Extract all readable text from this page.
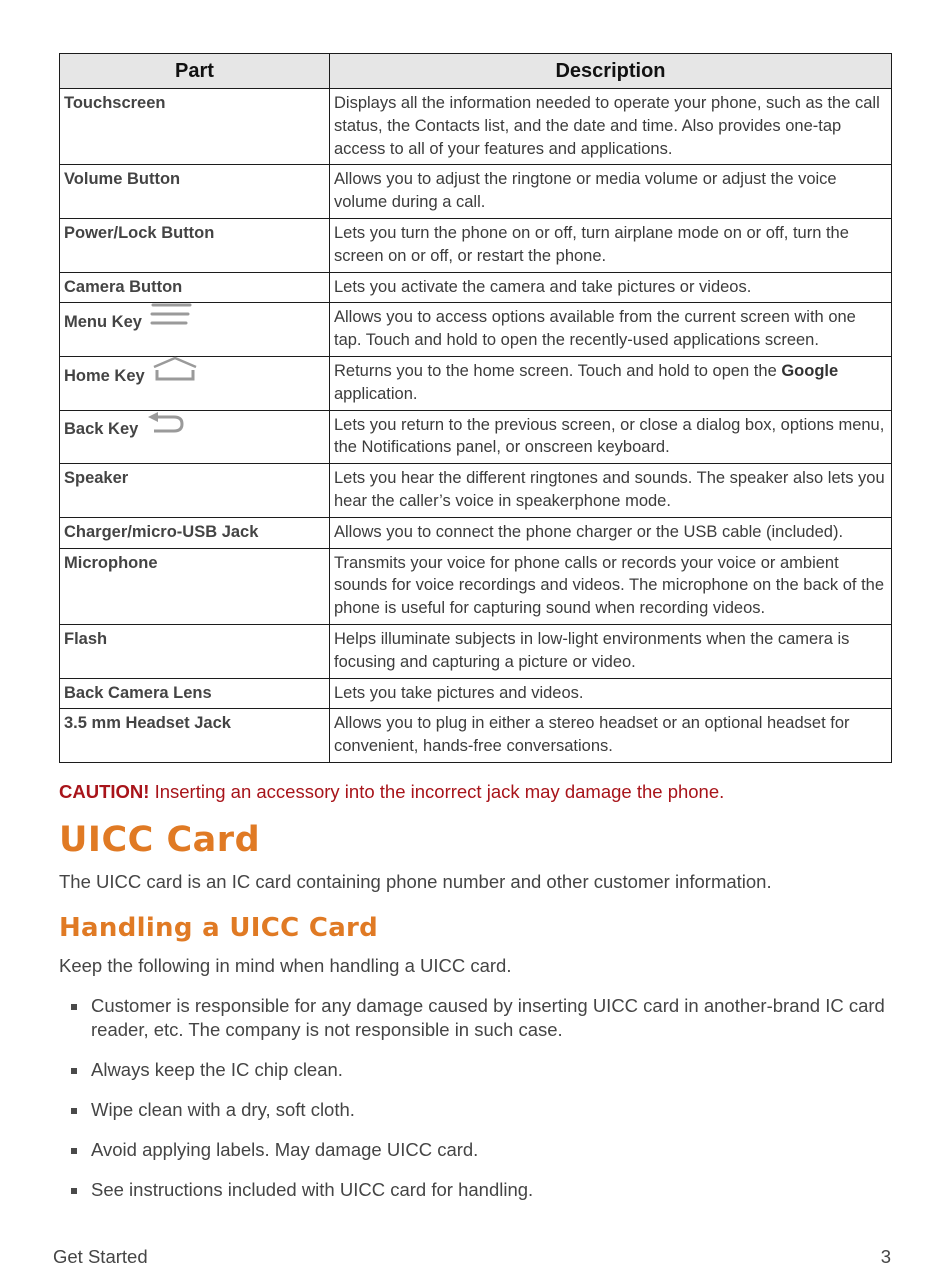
Part	Description
Touchscreen	Displays all the information needed to operate your phone, such as the call status, the Contacts list, and the date and time. Also provides one-tap access to all of your features and applications.
Volume Button	Allows you to adjust the ringtone or media volume or adjust the voice volume during a call.
Power/Lock Button	Lets you turn the phone on or off, turn airplane mode on or off, turn the screen on or off, or restart the phone.
Camera Button	Lets you activate the camera and take pictures or videos.
Menu Key	Allows you to access options available from the current screen with one tap. Touch and hold to open the recently-used applications screen.
Home Key	Returns you to the home screen. Touch and hold to open the Google application.
Back Key	Lets you return to the previous screen, or close a dialog box, options menu, the Notifications panel, or onscreen keyboard.
Speaker	Lets you hear the different ringtones and sounds. The speaker also lets you hear the caller’s voice in speakerphone mode.
Charger/micro-USB Jack	Allows you to connect the phone charger or the USB cable (included).
Microphone	Transmits your voice for phone calls or records your voice or ambient sounds for voice recordings and videos. The microphone on the back of the phone is useful for capturing sound when recording videos.
Flash	Helps illuminate subjects in low-light environments when the camera is focusing and capturing a picture or video.
Back Camera Lens	Lets you take pictures and videos.
3.5 mm Headset Jack	Allows you to plug in either a stereo headset or an optional headset for convenient, hands-free conversations.
CAUTION! Inserting an accessory into the incorrect jack may damage the phone.
UICC Card

The UICC card is an IC card containing phone number and other customer information.

Handling a UICC Card

Keep the following in mind when handling a UICC card.

Customer is responsible for any damage caused by inserting UICC card in another-brand IC card reader, etc. The company is not responsible in such case.
Always keep the IC chip clean.
Wipe clean with a dry, soft cloth.
Avoid applying labels. May damage UICC card.
See instructions included with UICC card for handling.
Get Started	3
